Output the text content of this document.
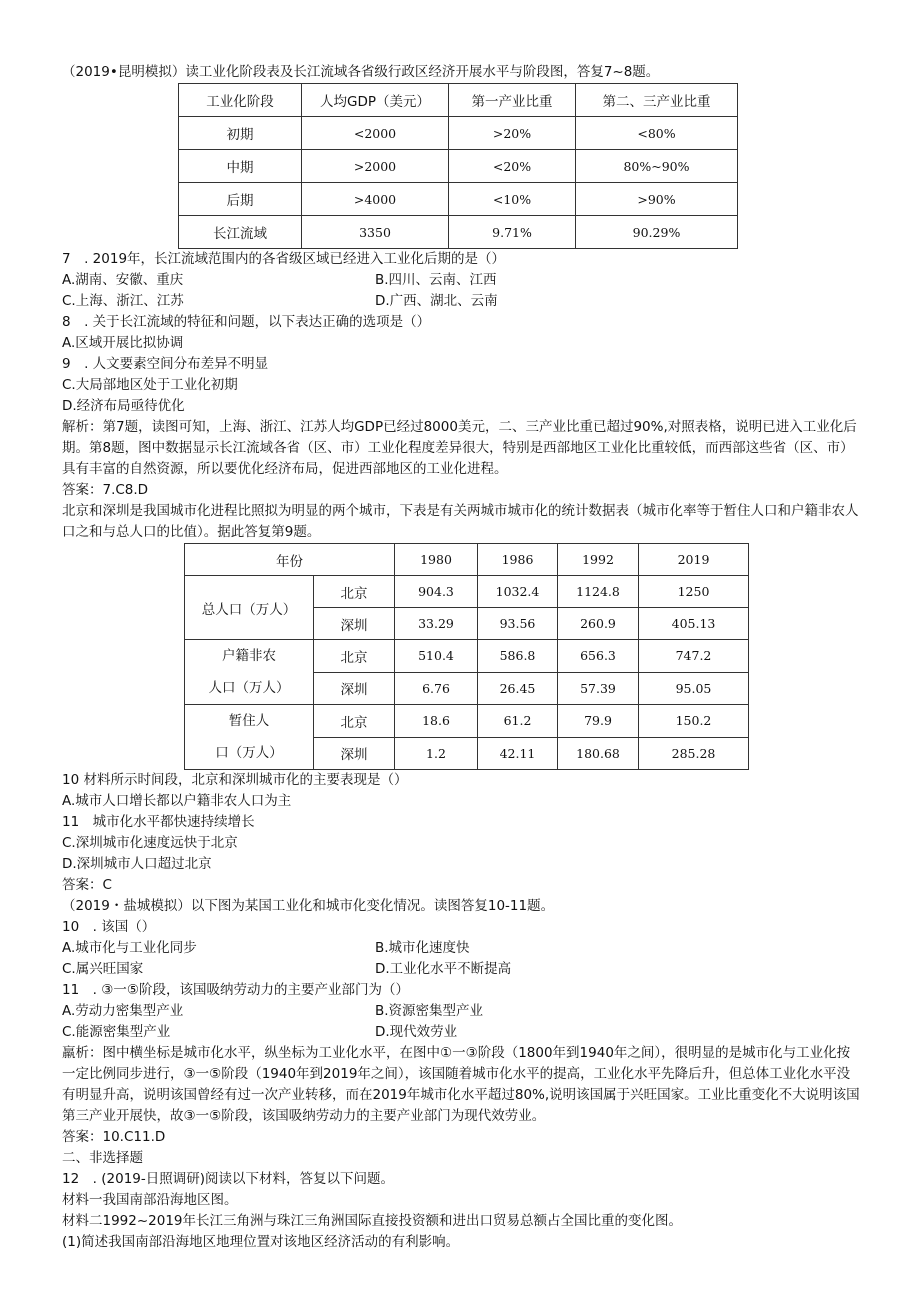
（2019•昆明模拟）读工业化阶段表及长江流域各省级行政区经济开展水平与阶段图，答复7~8题。
工业化阶段	人均GDP（美元）	第一产业比重	第二、三产业比重
初期	<2000	>20%	<80%
中期	>2000	<20%	80%~90%
后期	>4000	<10%	>90%
长江流域	3350	9.71%	90.29%
7　. 2019年，长江流域范围内的各省级区域已经进入工业化后期的是（）
A.湖南、安徽、重庆	B.四川、云南、江西
C.上海、浙江、江苏	D.广西、湖北、云南
8　. 关于长江流域的特征和问题，以下表达正确的选项是（）
A.区域开展比拟协调
9　. 人文要素空间分布差异不明显
C.大局部地区处于工业化初期
D.经济布局亟待优化
解析：第7题，读图可知，上海、浙江、江苏人均GDP已经过8000美元，二、三产业比重已超过90%,对照表格，说明已进入工业化后期。第8题，图中数据显示长江流域各省（区、市）工业化程度差异很大，特别是西部地区工业化比重较低，而西部这些省（区、市）具有丰富的自然资源，所以要优化经济布局，促进西部地区的工业化进程。
答案：7.C8.D
北京和深圳是我国城市化进程比照拟为明显的两个城市，下表是有关两城市城市化的统计数据表（城市化率等于暂住人口和户籍非农人口之和与总人口的比值）。据此答复第9题。
年份		1980	1986	1992	2019
总人口（万人）	北京	904.3	1032.4	1124.8	1250
	深圳	33.29	93.56	260.9	405.13

户籍非农
人口（万人）	北京	510.4	586.8	656.3	747.2
	深圳	6.76	26.45	57.39	95.05

暂住人
口（万人）	北京	18.6	61.2	79.9	150.2
	深圳	1.2	42.11	180.68	285.28
10 材料所示时间段，北京和深圳城市化的主要表现是（）
A.城市人口增长都以户籍非农人口为主
11　城市化水平都快速持续增长
C.深圳城市化速度远快于北京
D.深圳城市人口超过北京
答案：C
（2019・盐城模拟）以下图为某国工业化和城市化变化情况。读图答复10-11题。
10　. 该国（）
A.城市化与工业化同步	B.城市化速度快
C.属兴旺国家	D.工业化水平不断提高
11　. ③一⑤阶段，该国吸纳劳动力的主要产业部门为（）
A.劳动力密集型产业	B.资源密集型产业
C.能源密集型产业	D.现代效劳业
羸析：图中横坐标是城市化水平，纵坐标为工业化水平，在图中①一③阶段（1800年到1940年之间），很明显的是城市化与工业化按一定比例同步进行，③一⑤阶段（1940年到2019年之间），该国随着城市化水平的提高，工业化水平先降后升，但总体工业化水平没有明显升高，说明该国曾经有过一次产业转移，而在2019年城市化水平超过80%,说明该国属于兴旺国家。工业比重变化不大说明该国第三产业开展快，故③一⑤阶段，该国吸纳劳动力的主要产业部门为现代效劳业。
答案：10.C11.D
二、非选择题
12　. (2019-日照调研)阅读以下材料，答复以下问题。
材料一我国南部沿海地区图。
材料二1992~2019年长江三角洲与珠江三角洲国际直接投资额和进出口贸易总额占全国比重的变化图。
(1)简述我国南部沿海地区地理位置对该地区经济活动的有利影响。
